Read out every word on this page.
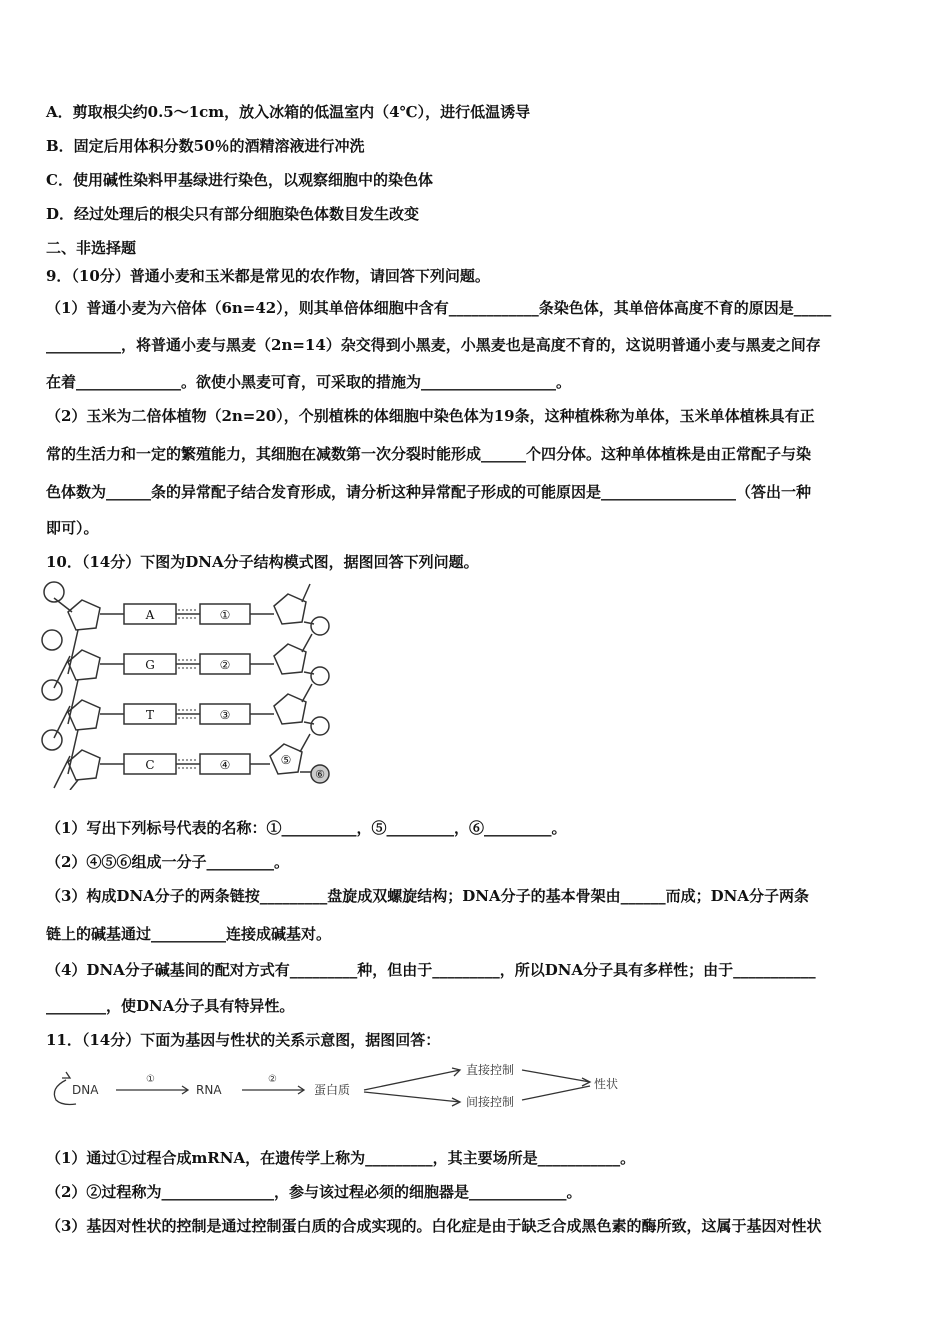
A．剪取根尖约0.5～1cm，放入冰箱的低温室内（4℃），进行低温诱导
B．固定后用体积分数50％的酒精溶液进行冲洗
C．使用碱性染料甲基绿进行染色，以观察细胞中的染色体
D．经过处理后的根尖只有部分细胞染色体数目发生改变
二、非选择题
9．（10分）普通小麦和玉米都是常见的农作物，请回答下列问题。
（1）普通小麦为六倍体（6n=42），则其单倍体细胞中含有____________条染色体，其单倍体高度不育的原因是_____
__________，将普通小麦与黑麦（2n=14）杂交得到小黑麦，小黑麦也是高度不育的，这说明普通小麦与黑麦之间存
在着______________。欲使小黑麦可育，可采取的措施为__________________。
（2）玉米为二倍体植物（2n=20），个别植株的体细胞中染色体为19条，这种植株称为单体，玉米单体植株具有正
常的生活力和一定的繁殖能力，其细胞在减数第一次分裂时能形成______个四分体。这种单体植株是由正常配子与染
色体数为______条的异常配子结合发育形成，请分析这种异常配子形成的可能原因是__________________（答出一种
即可）。
10．（14分）下图为DNA分子结构模式图，据图回答下列问题。
A
G
T
C
①
②
③
④	⑤
⑥
（1）写出下列标号代表的名称：①__________，⑤_________，⑥_________。
（2）④⑤⑥组成一分子_________。
（3）构成DNA分子的两条链按_________盘旋成双螺旋结构；DNA分子的基本骨架由______而成；DNA分子两条
链上的碱基通过__________连接成碱基对。
（4）DNA分子碱基间的配对方式有_________种，但由于_________，所以DNA分子具有多样性；由于___________
________，使DNA分子具有特异性。
11．（14分）下面为基因与性状的关系示意图，据图回答：
DNA
①
RNA
②
蛋白质
直接控制
间接控制
性状
（1）通过①过程合成mRNA，在遗传学上称为_________，其主要场所是___________。
（2）②过程称为_______________，参与该过程必须的细胞器是_____________。
（3）基因对性状的控制是通过控制蛋白质的合成实现的。白化症是由于缺乏合成黑色素的酶所致，这属于基因对性状
